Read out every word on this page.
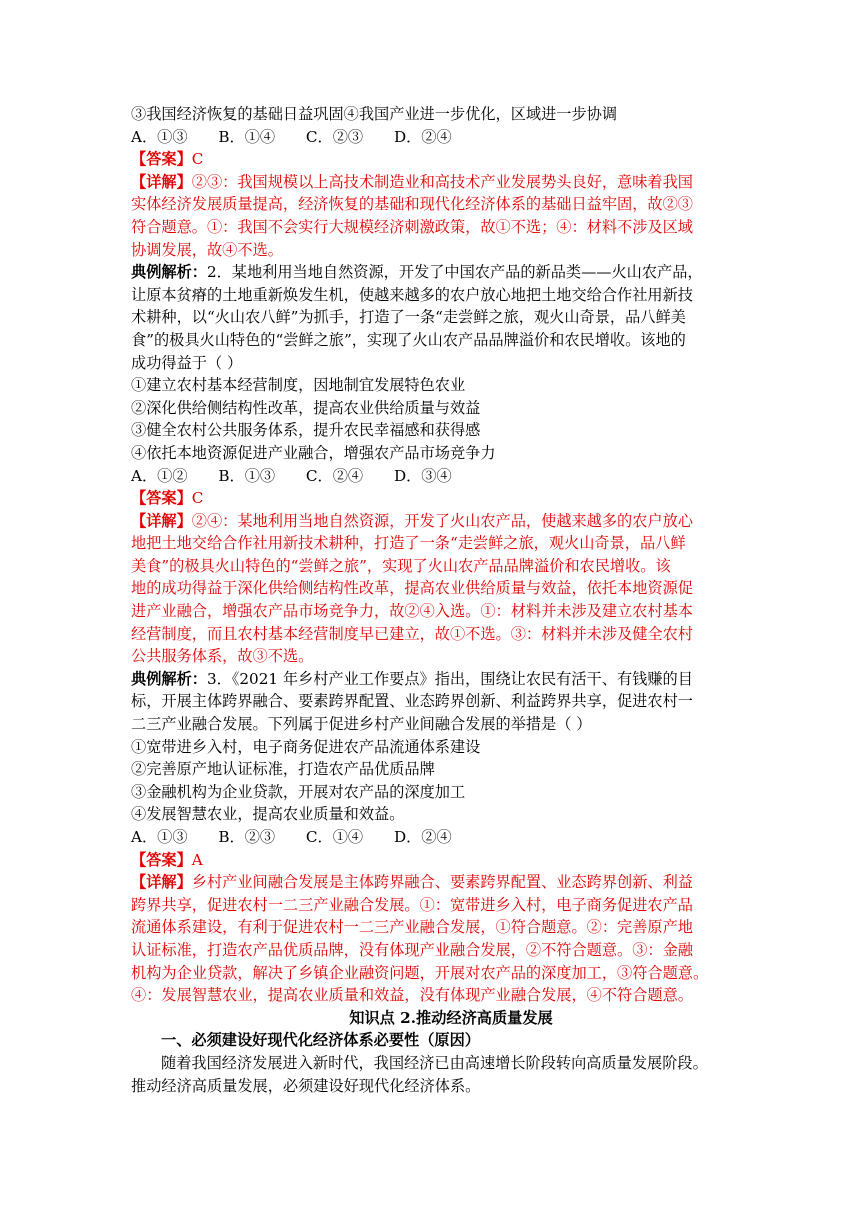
③我国经济恢复的基础日益巩固④我国产业进一步优化，区域进一步协调
A．①③ B．①④ C．②③ D．②④
【答案】C
【详解】②③：我国规模以上高技术制造业和高技术产业发展势头良好，意味着我国
实体经济发展质量提高，经济恢复的基础和现代化经济体系的基础日益牢固，故②③
符合题意。①：我国不会实行大规模经济刺激政策，故①不选；④：材料不涉及区域
协调发展，故④不选。
典例解析：2．某地利用当地自然资源，开发了中国农产品的新品类——火山农产品，
让原本贫瘠的土地重新焕发生机，使越来越多的农户放心地把土地交给合作社用新技
术耕种，以“火山农八鲜”为抓手，打造了一条“走尝鲜之旅，观火山奇景，品八鲜美
食”的极具火山特色的“尝鲜之旅”，实现了火山农产品品牌溢价和农民增收。该地的
成功得益于（ ）
①建立农村基本经营制度，因地制宜发展特色农业
②深化供给侧结构性改革，提高农业供给质量与效益
③健全农村公共服务体系，提升农民幸福感和获得感
④依托本地资源促进产业融合，增强农产品市场竞争力
A．①② B．①③ C．②④ D．③④
【答案】C
【详解】②④：某地利用当地自然资源，开发了火山农产品，使越来越多的农户放心
地把土地交给合作社用新技术耕种，打造了一条“走尝鲜之旅，观火山奇景，品八鲜
美食”的极具火山特色的“尝鲜之旅”，实现了火山农产品品牌溢价和农民增收。该
地的成功得益于深化供给侧结构性改革，提高农业供给质量与效益，依托本地资源促
进产业融合，增强农产品市场竞争力，故②④入选。①：材料并未涉及建立农村基本
经营制度，而且农村基本经营制度早已建立，故①不选。③：材料并未涉及健全农村
公共服务体系，故③不选。
典例解析：3．《2021 年乡村产业工作要点》指出，围绕让农民有活干、有钱赚的目
标，开展主体跨界融合、要素跨界配置、业态跨界创新、利益跨界共享，促进农村一
二三产业融合发展。下列属于促进乡村产业间融合发展的举措是（ ）
①宽带进乡入村，电子商务促进农产品流通体系建设
②完善原产地认证标准，打造农产品优质品牌
③金融机构为企业贷款，开展对农产品的深度加工
④发展智慧农业，提高农业质量和效益。
A．①③ B．②③ C．①④ D．②④
【答案】A
【详解】乡村产业间融合发展是主体跨界融合、要素跨界配置、业态跨界创新、利益
跨界共享，促进农村一二三产业融合发展。①：宽带进乡入村，电子商务促进农产品
流通体系建设，有利于促进农村一二三产业融合发展，①符合题意。②：完善原产地
认证标准，打造农产品优质品牌，没有体现产业融合发展，②不符合题意。③：金融
机构为企业贷款，解决了乡镇企业融资问题，开展对农产品的深度加工，③符合题意。
④：发展智慧农业，提高农业质量和效益，没有体现产业融合发展，④不符合题意。
知识点 2.推动经济高质量发展
一、必须建设好现代化经济体系必要性（原因）
随着我国经济发展进入新时代，我国经济已由高速增长阶段转向高质量发展阶段。
推动经济高质量发展，必须建设好现代化经济体系。
